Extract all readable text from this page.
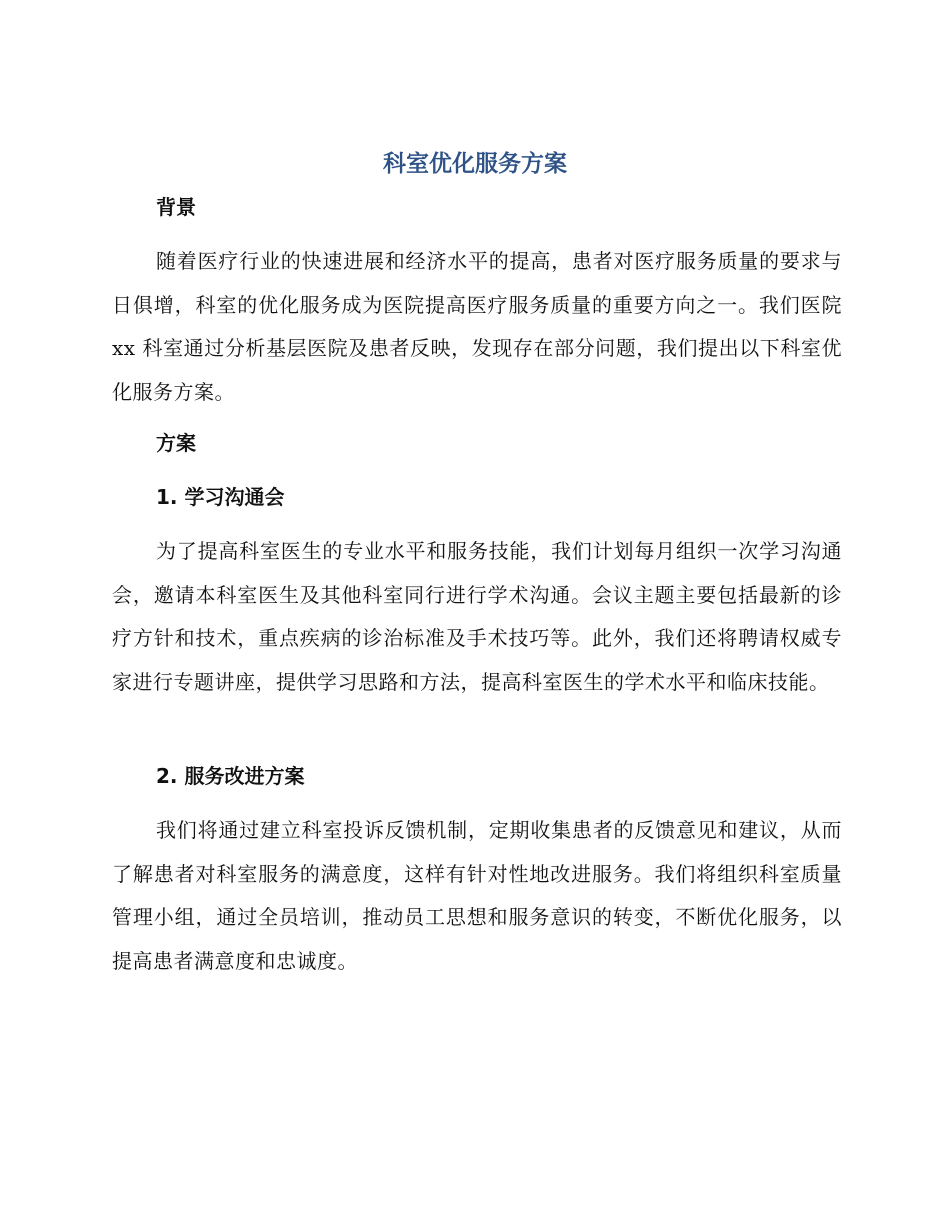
科室优化服务方案
背景

随着医疗行业的快速进展和经济水平的提高，患者对医疗服务质量的要求与日俱增，科室的优化服务成为医院提高医疗服务质量的重要方向之一。我们医院 xx 科室通过分析基层医院及患者反映，发现存在部分问题，我们提出以下科室优化服务方案。

方案
1. 学习沟通会

为了提高科室医生的专业水平和服务技能，我们计划每月组织一次学习沟通会，邀请本科室医生及其他科室同行进行学术沟通。会议主题主要包括最新的诊疗方针和技术，重点疾病的诊治标准及手术技巧等。此外，我们还将聘请权威专家进行专题讲座，提供学习思路和方法，提高科室医生的学术水平和临床技能。

2. 服务改进方案

我们将通过建立科室投诉反馈机制，定期收集患者的反馈意见和建议，从而了解患者对科室服务的满意度，这样有针对性地改进服务。我们将组织科室质量管理小组，通过全员培训，推动员工思想和服务意识的转变，不断优化服务，以提高患者满意度和忠诚度。
